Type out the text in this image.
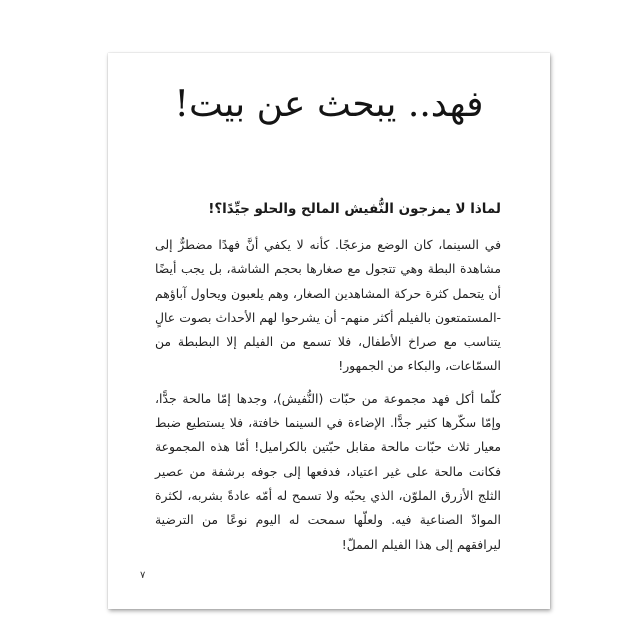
فهد.. يبحث عن بيت!
لماذا لا يمزجون النُّفيش المالح والحلو جيِّدًا؟!

في السينما، كان الوضع مزعجًا. كأنه لا يكفي أنَّ فهدًا مضطرٌّ إلى مشاهدة البطة وهي تتجول مع صغارها بحجم الشاشة، بل يجب أيضًا أن يتحمل كثرة حركة المشاهدين الصغار، وهم يلعبون ويحاول آباؤهم -المستمتعون بالفيلم أكثر منهم- أن يشرحوا لهم الأحداث بصوت عالٍ يتناسب مع صراخ الأطفال، فلا تسمع من الفيلم إلا البطبطة من السمّاعات، والبكاء من الجمهور!

كلّما أكل فهد مجموعة من حبّات (النُّفيش)، وجدها إمّا مالحة جدًّا، وإمّا سكّرها كثير جدًّا. الإضاءة في السينما خافتة، فلا يستطيع ضبط معيار ثلاث حبّات مالحة مقابل حبّتين بالكراميل! أمّا هذه المجموعة فكانت مالحة على غير اعتياد، فدفعها إلى جوفه برشفة من عصير الثلج الأزرق الملوّن، الذي يحبّه ولا تسمح له أمّه عادةً بشربه، لكثرة الموادّ الصناعية فيه. ولعلّها سمحت له اليوم نوعًا من الترضية ليرافقهم إلى هذا الفيلم المملّ!

٧
